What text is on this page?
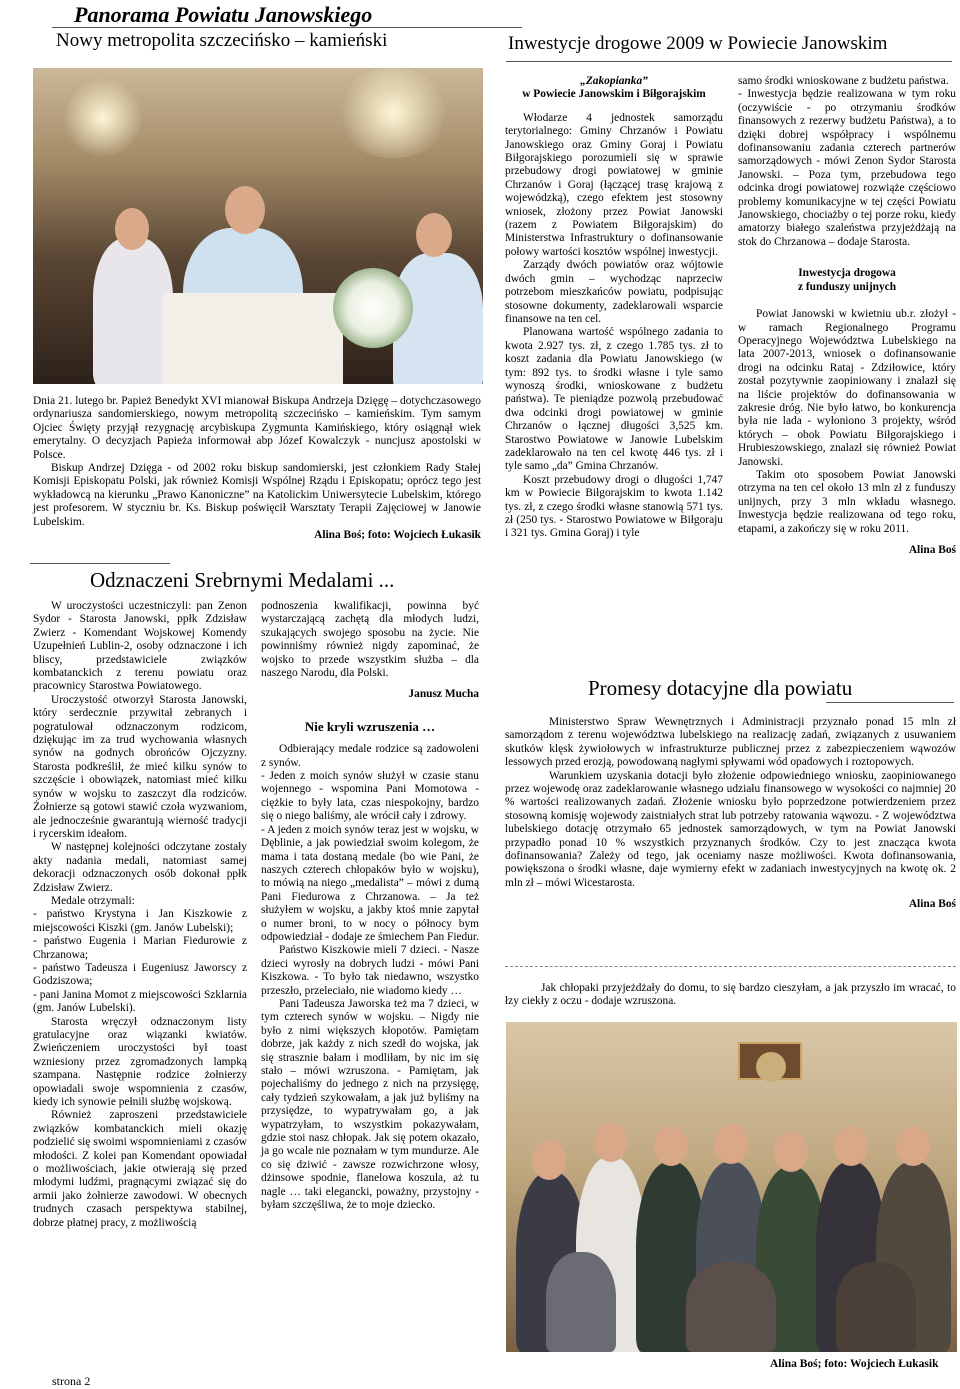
Panorama Powiatu Janowskiego
Nowy metropolita szczecińsko – kamieński	Inwestycje drogowe 2009 w Powiecie Janowskim

Dnia 21. lutego br. Papież Benedykt XVI mianował Biskupa Andrzeja Dzięgę – dotychczasowego ordynariusza sandomierskiego, nowym metropolitą szczecińsko – kamieńskim. Tym samym Ojciec Święty przyjął rezygnację arcybiskupa Zygmunta Kamińskiego, który osiągnął wiek emerytalny. O decyzjach Papieża informował abp Józef Kowalczyk - nuncjusz apostolski w Polsce.

Biskup Andrzej Dzięga - od 2002 roku biskup sandomierski, jest członkiem Rady Stałej Komisji Episkopatu Polski, jak również Komisji Wspólnej Rządu i Episkopatu; oprócz tego jest wykładowcą na kierunku „Prawo Kanoniczne” na Katolickim Uniwersytecie Lubelskim, którego jest profesorem. W styczniu br. Ks. Biskup poświęcił Warsztaty Terapii Zajęciowej w Janowie Lubelskim.

Alina Boś; foto: Wojciech Łukasik

Odznaczeni Srebrnymi Medalami ...

W uroczystości uczestniczyli: pan Zenon Sydor - Starosta Janowski, ppłk Zdzisław Zwierz - Komendant Wojskowej Komendy Uzupełnień Lublin-2, osoby odznaczone i ich bliscy, przedstawiciele związków kombatanckich z terenu powiatu oraz pracownicy Starostwa Powiatowego.

Uroczystość otworzył Starosta Janowski, który serdecznie przywitał zebranych i pogratulował odznaczonym rodzicom, dziękując im za trud wychowania własnych synów na godnych obrońców Ojczyzny. Starosta podkreślił, że mieć kilku synów to szczęście i obowiązek, natomiast mieć kilku synów w wojsku to zaszczyt dla rodziców. Żołnierze są gotowi stawić czoła wyzwaniom, ale jednocześnie gwarantują wierność tradycji i rycerskim ideałom.

W następnej kolejności odczytane zostały akty nadania medali, natomiast samej dekoracji odznaczonych osób dokonał ppłk Zdzisław Zwierz.

Medale otrzymali:

- państwo Krystyna i Jan Kiszkowie z miejscowości Kiszki (gm. Janów Lubelski);

- państwo Eugenia i Marian Fiedurowie z Chrzanowa;

- państwo Tadeusza i Eugeniusz Jaworscy z Godziszowa;

- pani Janina Momot z miejscowości Szklarnia (gm. Janów Lubelski).

Starosta wręczył odznaczonym listy gratulacyjne oraz wiązanki kwiatów. Zwieńczeniem uroczystości był toast wzniesiony przez zgromadzonych lampką szampana. Następnie rodzice żołnierzy opowiadali swoje wspomnienia z czasów, kiedy ich synowie pełnili służbę wojskową.

Również zaproszeni przedstawiciele związków kombatanckich mieli okazję podzielić się swoimi wspomnieniami z czasów młodości. Z kolei pan Komendant opowiadał o możliwościach, jakie otwierają się przed młodymi ludźmi, pragnącymi związać się do armii jako żołnierze zawodowi. W obecnych trudnych czasach perspektywa stabilnej, dobrze płatnej pracy, z możliwością

podnoszenia kwalifikacji, powinna być wystarczającą zachętą dla młodych ludzi, szukających swojego sposobu na życie. Nie powinniśmy również nigdy zapominać, że wojsko to przede wszystkim służba – dla naszego Narodu, dla Polski.

Janusz Mucha

Nie kryli wzruszenia …

Odbierający medale rodzice są zadowoleni z synów.

- Jeden z moich synów służył w czasie stanu wojennego - wspomina Pani Momotowa - ciężkie to były lata, czas niespokojny, bardzo się o niego baliśmy, ale wrócił cały i zdrowy.

- A jeden z moich synów teraz jest w wojsku, w Dęblinie, a jak powiedział swoim kolegom, że mama i tata dostaną medale (bo wie Pani, że naszych czterech chłopaków było w wojsku), to mówią na niego „medalista” – mówi z dumą Pani Fiedurowa z Chrzanowa. – Ja też służyłem w wojsku, a jakby ktoś mnie zapytał o numer broni, to w nocy o północy bym odpowiedział - dodaje ze śmiechem Pan Fiedur.

Państwo Kiszkowie mieli 7 dzieci. - Nasze dzieci wyrosły na dobrych ludzi - mówi Pani Kiszkowa. - To było tak niedawno, wszystko przeszło, przeleciało, nie wiadomo kiedy …

Pani Tadeusza Jaworska też ma 7 dzieci, w tym czterech synów w wojsku. – Nigdy nie było z nimi większych kłopotów. Pamiętam dobrze, jak każdy z nich szedł do wojska, jak się strasznie bałam i modliłam, by nic im się stało – mówi wzruszona. - Pamiętam, jak pojechaliśmy do jednego z nich na przysięgę, cały tydzień szykowałam, a jak już byliśmy na przysiędze, to wypatrywałam go, a jak wypatrzyłam, to wszystkim pokazywałam, gdzie stoi nasz chłopak. Jak się potem okazało, ja go wcale nie poznałam w tym mundurze. Ale co się dziwić - zawsze rozwichrzone włosy, dżinsowe spodnie, flanelowa koszula, aż tu nagle … taki elegancki, poważny, przystojny - byłam szczęśliwa, że to moje dziecko.

strona 2

„Zakopianka”

w Powiecie Janowskim i Biłgorajskim

Włodarze 4 jednostek samorządu terytorialnego: Gminy Chrzanów i Powiatu Janowskiego oraz Gminy Goraj i Powiatu Biłgorajskiego porozumieli się w sprawie przebudowy drogi powiatowej w gminie Chrzanów i Goraj (łączącej trasę krajową z wojewódzką), czego efektem jest stosowny wniosek, złożony przez Powiat Janowski (razem z Powiatem Biłgorajskim) do Ministerstwa Infrastruktury o dofinansowanie połowy wartości kosztów wspólnej inwestycji.

Zarządy dwóch powiatów oraz wójtowie dwóch gmin – wychodząc naprzeciw potrzebom mieszkańców powiatu, podpisując stosowne dokumenty, zadeklarowali wsparcie finansowe na ten cel.

Planowana wartość wspólnego zadania to kwota 2.927 tys. zł, z czego 1.785 tys. zł to koszt zadania dla Powiatu Janowskiego (w tym: 892 tys. to środki własne i tyle samo wynoszą środki, wnioskowane z budżetu państwa). Te pieniądze pozwolą przebudować dwa odcinki drogi powiatowej w gminie Chrzanów o łącznej długości 3,525 km. Starostwo Powiatowe w Janowie Lubelskim zadeklarowało na ten cel kwotę 446 tys. zł i tyle samo „da” Gmina Chrzanów.

Koszt przebudowy drogi o długości 1,747 km w Powiecie Biłgorajskim to kwota 1.142 tys. zł, z czego środki własne stanowią 571 tys. zł (250 tys. - Starostwo Powiatowe w Biłgoraju i 321 tys. Gmina Goraj) i tyle

samo środki wnioskowane z budżetu państwa.

- Inwestycja będzie realizowana w tym roku (oczywiście - po otrzymaniu środków finansowych z rezerwy budżetu Państwa), a to dzięki dobrej współpracy i wspólnemu dofinansowaniu zadania czterech partnerów samorządowych - mówi Zenon Sydor Starosta Janowski. – Poza tym, przebudowa tego odcinka drogi powiatowej rozwiąże częściowo problemy komunikacyjne w tej części Powiatu Janowskiego, chociażby o tej porze roku, kiedy amatorzy białego szaleństwa przyjeżdżają na stok do Chrzanowa – dodaje Starosta.

Inwestycja drogowa

z funduszy unijnych

Powiat Janowski w kwietniu ub.r. złożył - w ramach Regionalnego Programu Operacyjnego Województwa Lubelskiego na lata 2007-2013, wniosek o dofinansowanie drogi na odcinku Rataj - Zdziłowice, który został pozytywnie zaopiniowany i znalazł się na liście projektów do dofinansowania w zakresie dróg. Nie było łatwo, bo konkurencja była nie lada - wyłoniono 3 projekty, wśród których – obok Powiatu Biłgorajskiego i Hrubieszowskiego, znalazł się również Powiat Janowski.

Takim oto sposobem Powiat Janowski otrzyma na ten cel około 13 mln zł z funduszy unijnych, przy 3 mln wkładu własnego. Inwestycja będzie realizowana od tego roku, etapami, a zakończy się w roku 2011.

Alina Boś

Promesy dotacyjne dla powiatu

Ministerstwo Spraw Wewnętrznych i Administracji przyznało ponad 15 mln zł samorządom z terenu województwa lubelskiego na realizację zadań, związanych z usuwaniem skutków klęsk żywiołowych w infrastrukturze publicznej przez z zabezpieczeniem wąwozów lessowych przed erozją, powodowaną nagłymi spływami wód opadowych i roztopowych.

Warunkiem uzyskania dotacji było złożenie odpowiedniego wniosku, zaopiniowanego przez wojewodę oraz zadeklarowanie własnego udziału finansowego w wysokości co najmniej 20 % wartości realizowanych zadań. Złożenie wniosku było poprzedzone potwierdzeniem przez stosowną komisję wojewody zaistniałych strat lub potrzeby ratowania wąwozu. - Z województwa lubelskiego dotację otrzymało 65 jednostek samorządowych, w tym na Powiat Janowski przypadło ponad 10 % wszystkich przyznanych środków. Czy to jest znacząca kwota dofinansowania? Zależy od tego, jak oceniamy nasze możliwości. Kwota dofinansowania, powiększona o środki własne, daje wymierny efekt w zadaniach inwestycyjnych na kwotę ok. 2 mln zł – mówi Wicestarosta.

Alina Boś

Jak chłopaki przyjeżdżały do domu, to się bardzo cieszyłam, a jak przyszło im wracać, to łzy ciekły z oczu - dodaje wzruszona.

Alina Boś; foto: Wojciech Łukasik
